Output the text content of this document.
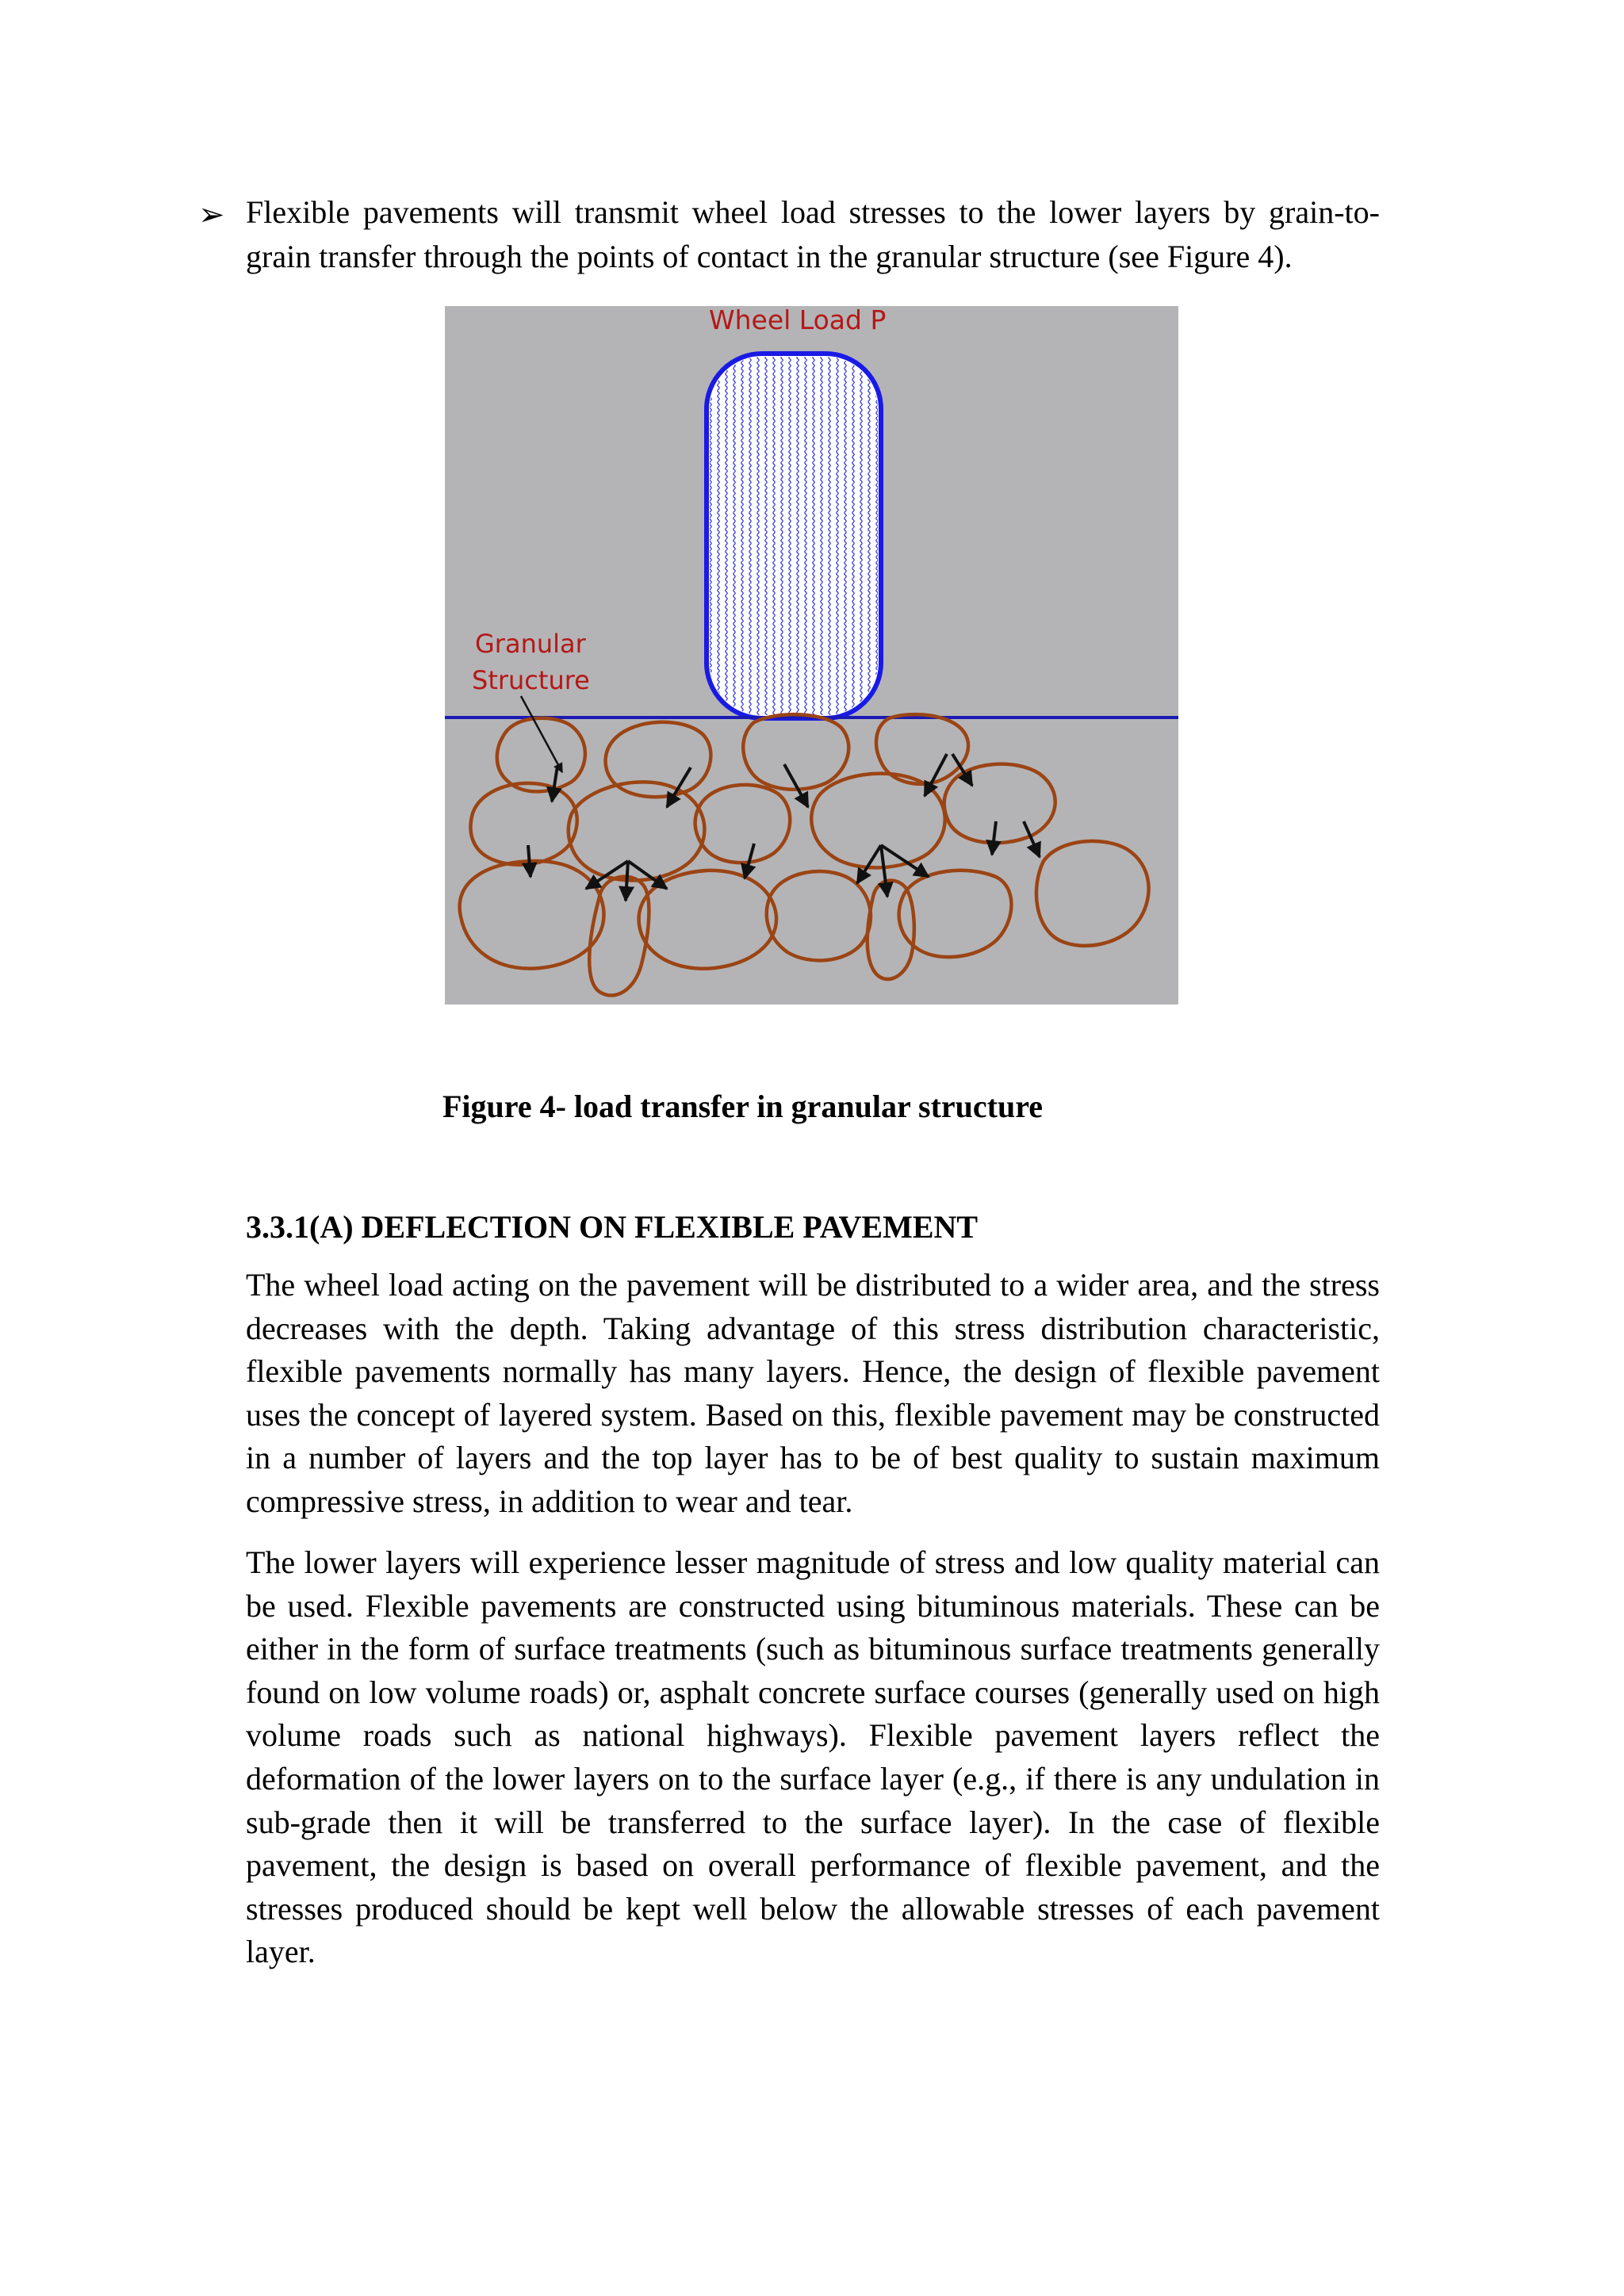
➢ Flexible pavements will transmit wheel load stresses to the lower layers by grain-to-grain transfer through the points of contact in the granular structure (see Figure 4).
Wheel Load P
Granular
Structure
Figure 4- load transfer in granular structure
3.3.1(A) DEFLECTION ON FLEXIBLE PAVEMENT

The wheel load acting on the pavement will be distributed to a wider area, and the stress decreases with the depth. Taking advantage of this stress distribution characteristic, flexible pavements normally has many layers. Hence, the design of flexible pavement uses the concept of layered system. Based on this, flexible pavement may be constructed in a number of layers and the top layer has to be of best quality to sustain maximum compressive stress, in addition to wear and tear.

The lower layers will experience lesser magnitude of stress and low quality material can be used. Flexible pavements are constructed using bituminous materials. These can be either in the form of surface treatments (such as bituminous surface treatments generally found on low volume roads) or, asphalt concrete surface courses (generally used on high volume roads such as national highways). Flexible pavement layers reflect the deformation of the lower layers on to the surface layer (e.g., if there is any undulation in sub-grade then it will be transferred to the surface layer). In the case of flexible pavement, the design is based on overall performance of flexible pavement, and the stresses produced should be kept well below the allowable stresses of each pavement layer.
